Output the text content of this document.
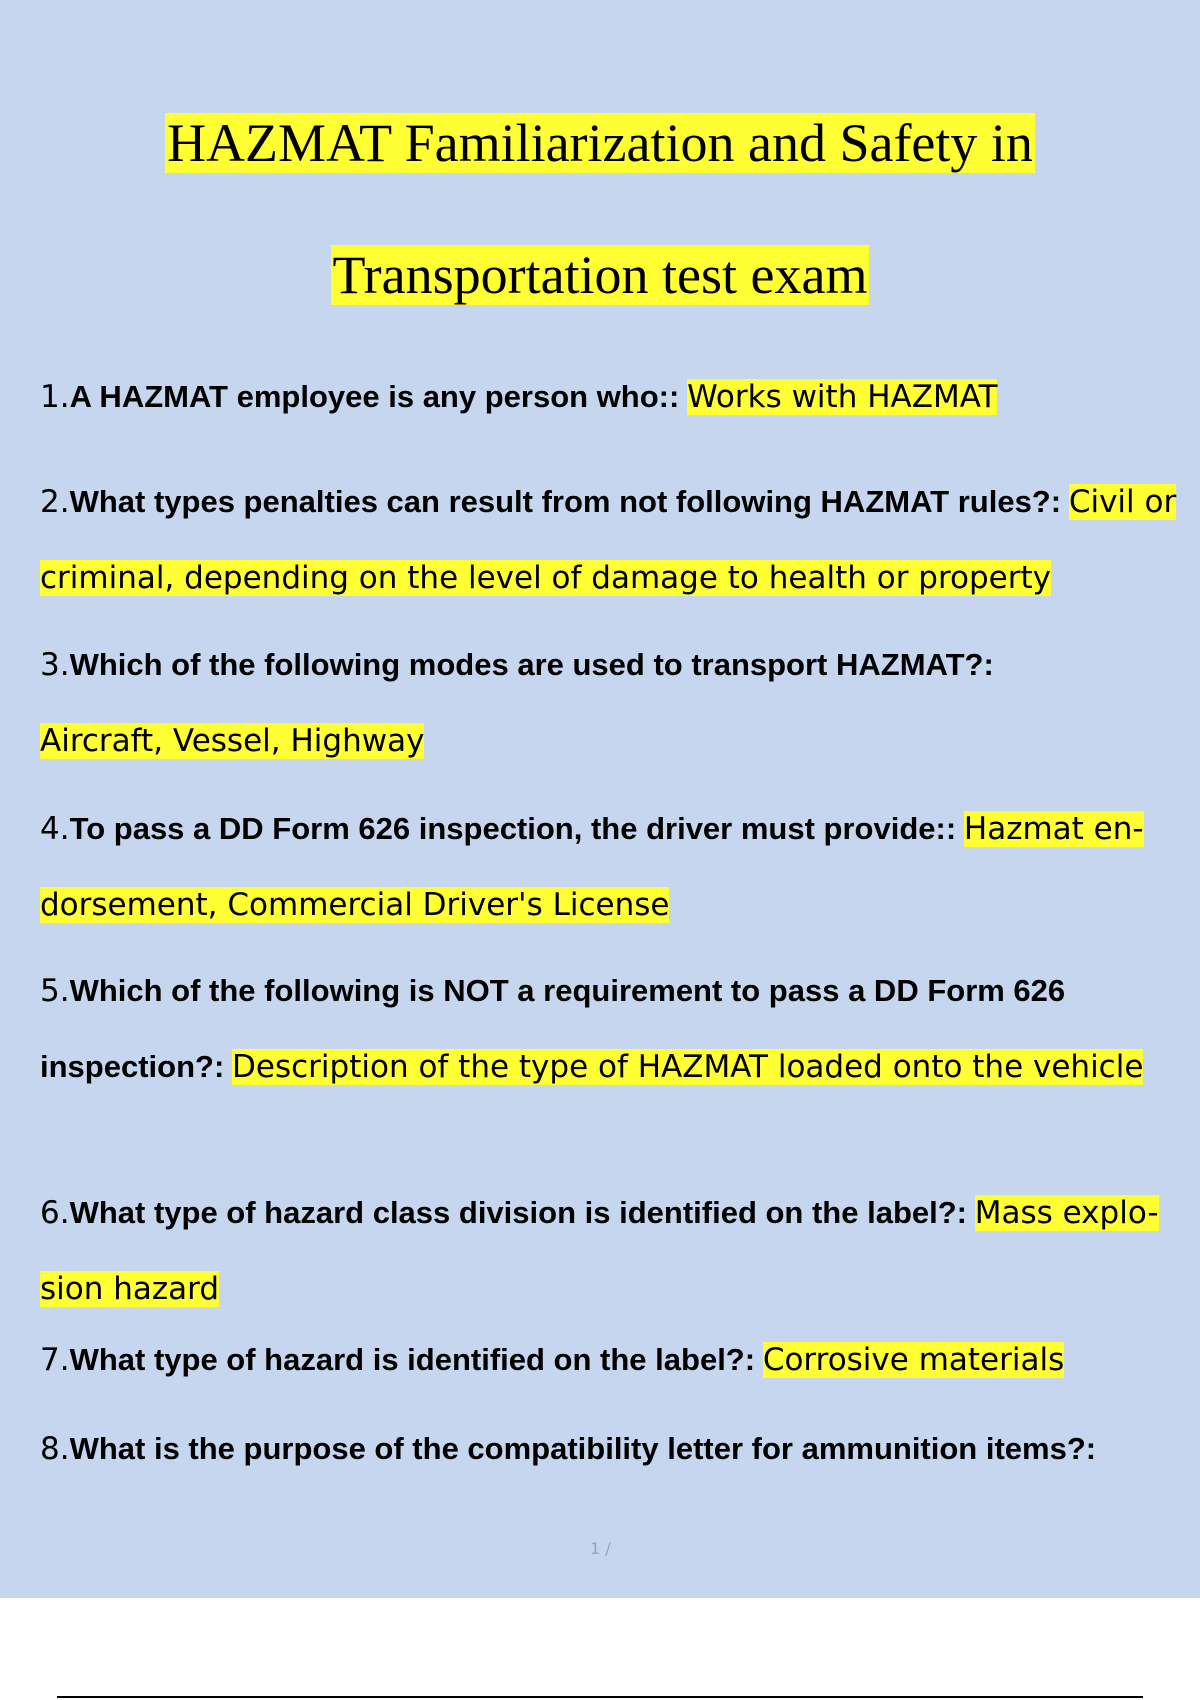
HAZMAT Familiarization and Safety in
Transportation test exam

1.A HAZMAT employee is any person who:: Works with HAZMAT

2.What types penalties can result from not following HAZMAT rules?: Civil or criminal, depending on the level of damage to health or property

3.Which of the following modes are used to transport HAZMAT?:
Aircraft, Vessel, Highway

4.To pass a DD Form 626 inspection, the driver must provide:: Hazmat en- dorsement, Commercial Driver's License

5.Which of the following is NOT a requirement to pass a DD Form 626 inspection?: Description of the type of HAZMAT loaded onto the vehicle

6.What type of hazard class division is identified on the label?: Mass explo- sion hazard

7.What type of hazard is identified on the label?: Corrosive materials

8.What is the purpose of the compatibility letter for ammunition items?:

1 /
